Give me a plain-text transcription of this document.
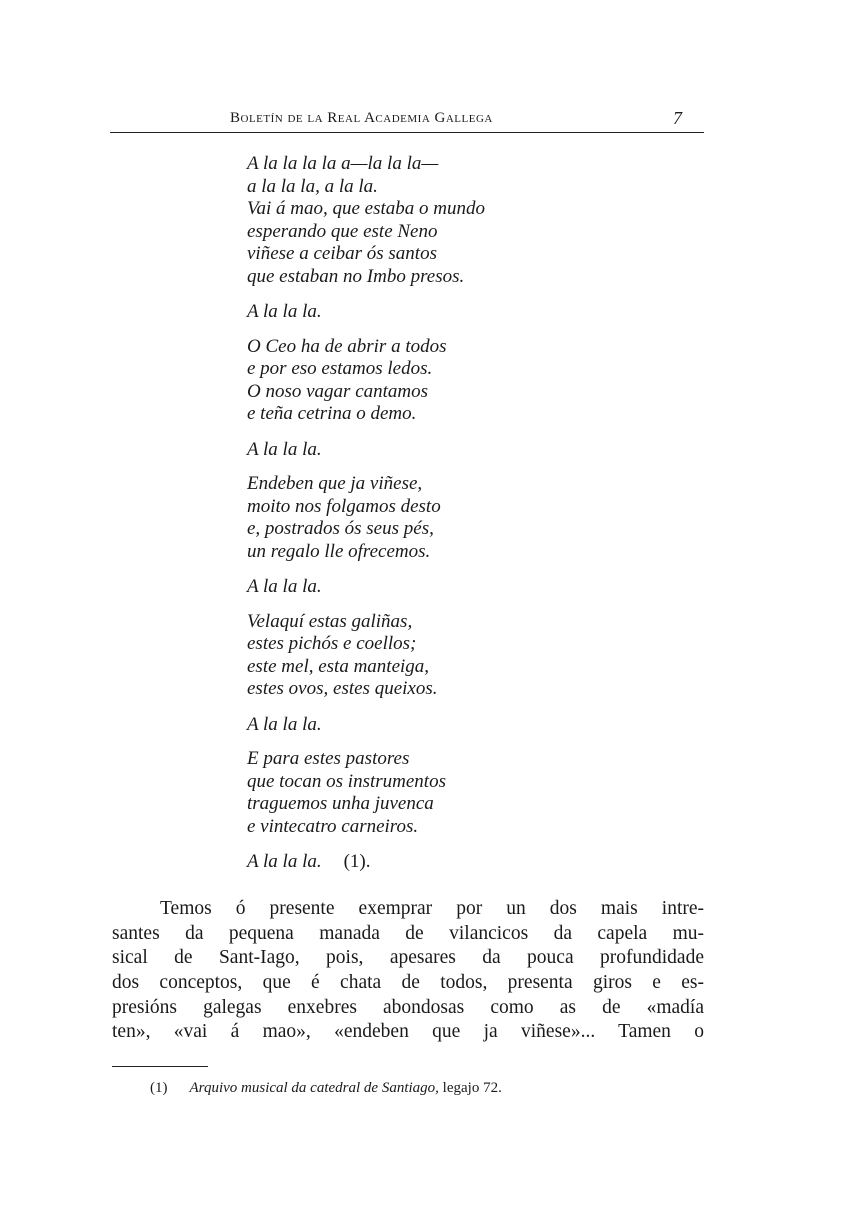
Boletín de la Real Academia Gallega	7
A la la la la a—la la la—
a la la la, a la la.
Vai á mao, que estaba o mundo
esperando que este Neno
viñese a ceibar ós santos
que estaban no Imbo presos.
A la la la.
O Ceo ha de abrir a todos
e por eso estamos ledos.
O noso vagar cantamos
e teña cetrina o demo.
A la la la.
Endeben que ja viñese,
moito nos folgamos desto
e, postrados ós seus pés,
un regalo lle ofrecemos.
A la la la.
Velaquí estas galiñas,
estes pichós e coellos;
este mel, esta manteiga,
estes ovos, estes queixos.
A la la la.
E para estes pastores
que tocan os instrumentos
traguemos unha juvenca
e vintecatro carneiros.
A la la la. (1).
Temos ó presente exemprar por un dos mais intre-
santes da pequena manada de vilancicos da capela mu-
sical de Sant-Iago, pois, apesares da pouca profundidade
dos conceptos, que é chata de todos, presenta giros e es-
presións galegas enxebres abondosas como as de «madía
ten», «vai á mao», «endeben que ja viñese»... Tamen o
(1) Arquivo musical da catedral de Santiago, legajo 72.
